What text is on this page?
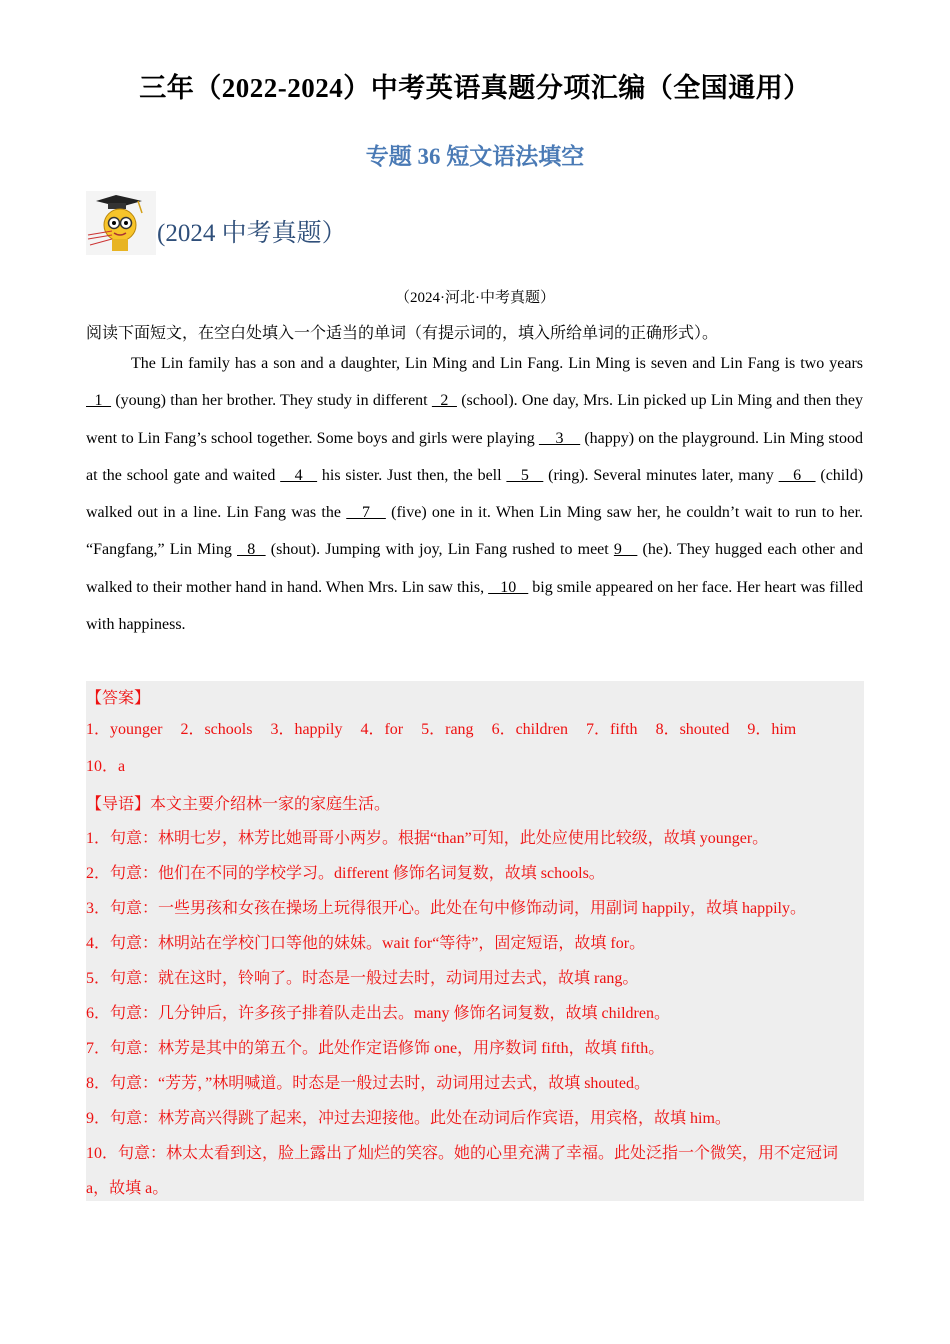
三年（2022-2024）中考英语真题分项汇编（全国通用）
专题 36 短文语法填空
(2024 中考真题）
（2024·河北·中考真题）
阅读下面短文，在空白处填入一个适当的单词（有提示词的，填入所给单词的正确形式）。

The Lin family has a son and a daughter, Lin Ming and Lin Fang. Lin Ming is seven and Lin Fang is two years   1   (young) than her brother. They study in different   2   (school). One day, Mrs. Lin picked up Lin Ming and then they went to Lin Fang’s school together. Some boys and girls were playing     3     (happy) on the playground. Lin Ming stood at the school gate and waited    4    his sister. Just then, the bell    5    (ring). Several minutes later, many    6    (child) walked out in a line. Lin Fang was the    7    (five) one in it. When Lin Ming saw her, he couldn’t wait to run to her. “Fangfang,” Lin Ming   8   (shout). Jumping with joy, Lin Fang rushed to meet 9    (he). They hugged each other and walked to their mother hand in hand. When Mrs. Lin saw this,    10    big smile appeared on her face. Her heart was filled with happiness.

【答案】
1．younger 2．schools 3．happily 4．for 5．rang 6．children 7．fifth 8．shouted 9．him
10．a
【导语】本文主要介绍林一家的家庭生活。
1．句意：林明七岁，林芳比她哥哥小两岁。根据“than”可知，此处应使用比较级，故填 younger。
2．句意：他们在不同的学校学习。different 修饰名词复数，故填 schools。
3．句意：一些男孩和女孩在操场上玩得很开心。此处在句中修饰动词，用副词 happily，故填 happily。
4．句意：林明站在学校门口等他的妹妹。wait for“等待”，固定短语，故填 for。
5．句意：就在这时，铃响了。时态是一般过去时，动词用过去式，故填 rang。
6．句意：几分钟后，许多孩子排着队走出去。many 修饰名词复数，故填 children。
7．句意：林芳是其中的第五个。此处作定语修饰 one，用序数词 fifth，故填 fifth。
8．句意：“芳芳，”林明喊道。时态是一般过去时，动词用过去式，故填 shouted。
9．句意：林芳高兴得跳了起来，冲过去迎接他。此处在动词后作宾语，用宾格，故填 him。
10．句意：林太太看到这，脸上露出了灿烂的笑容。她的心里充满了幸福。此处泛指一个微笑，用不定冠词 a，故填 a。
